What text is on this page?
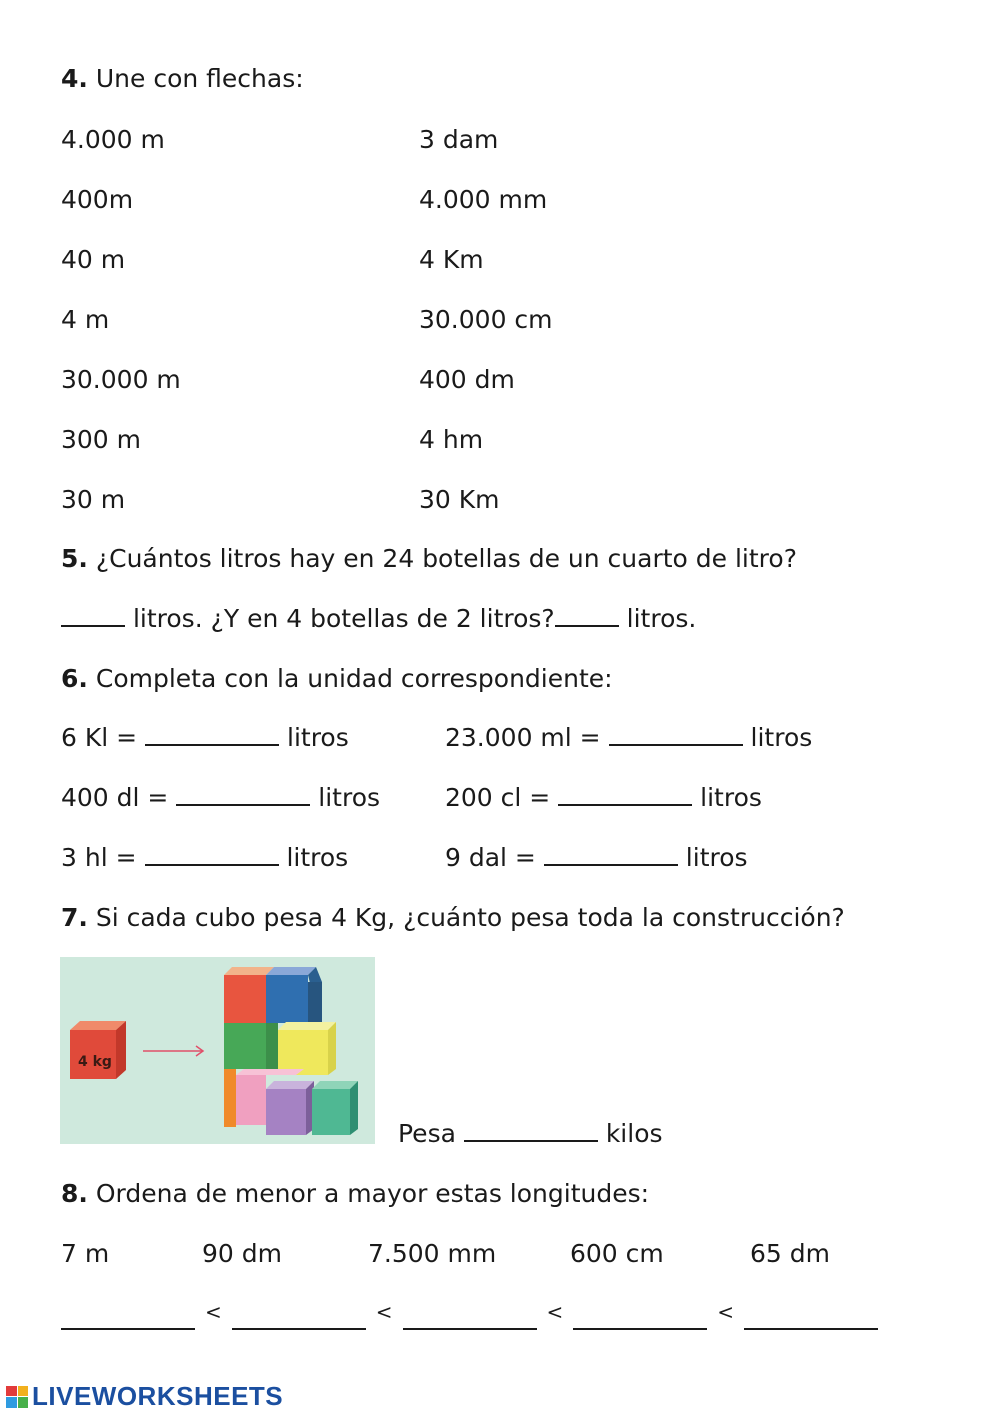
4. Une con flechas:
4.000 m	3 dam
400m	4.000 mm
40 m	4 Km
4 m	30.000 cm
30.000 m	400 dm
300 m	4 hm
30 m	30 Km
5. ¿Cuántos litros hay en 24 botellas de un cuarto de litro?
litros. ¿Y en 4 botellas de 2 litros?	litros.
6. Completa con la unidad correspondiente:
6 Kl =	litros	23.000 ml =	litros
400 dl =	litros	200 cl =	litros
3 hl =	litros	9 dal =	litros
7. Si cada cubo pesa 4 Kg, ¿cuánto pesa toda la construcción?
4 kg
Pesa	kilos
8. Ordena de menor a mayor estas longitudes:
7 m	90 dm	7.500 mm	600 cm	65 dm
<	<	<	<
LIVEWORKSHEETS
